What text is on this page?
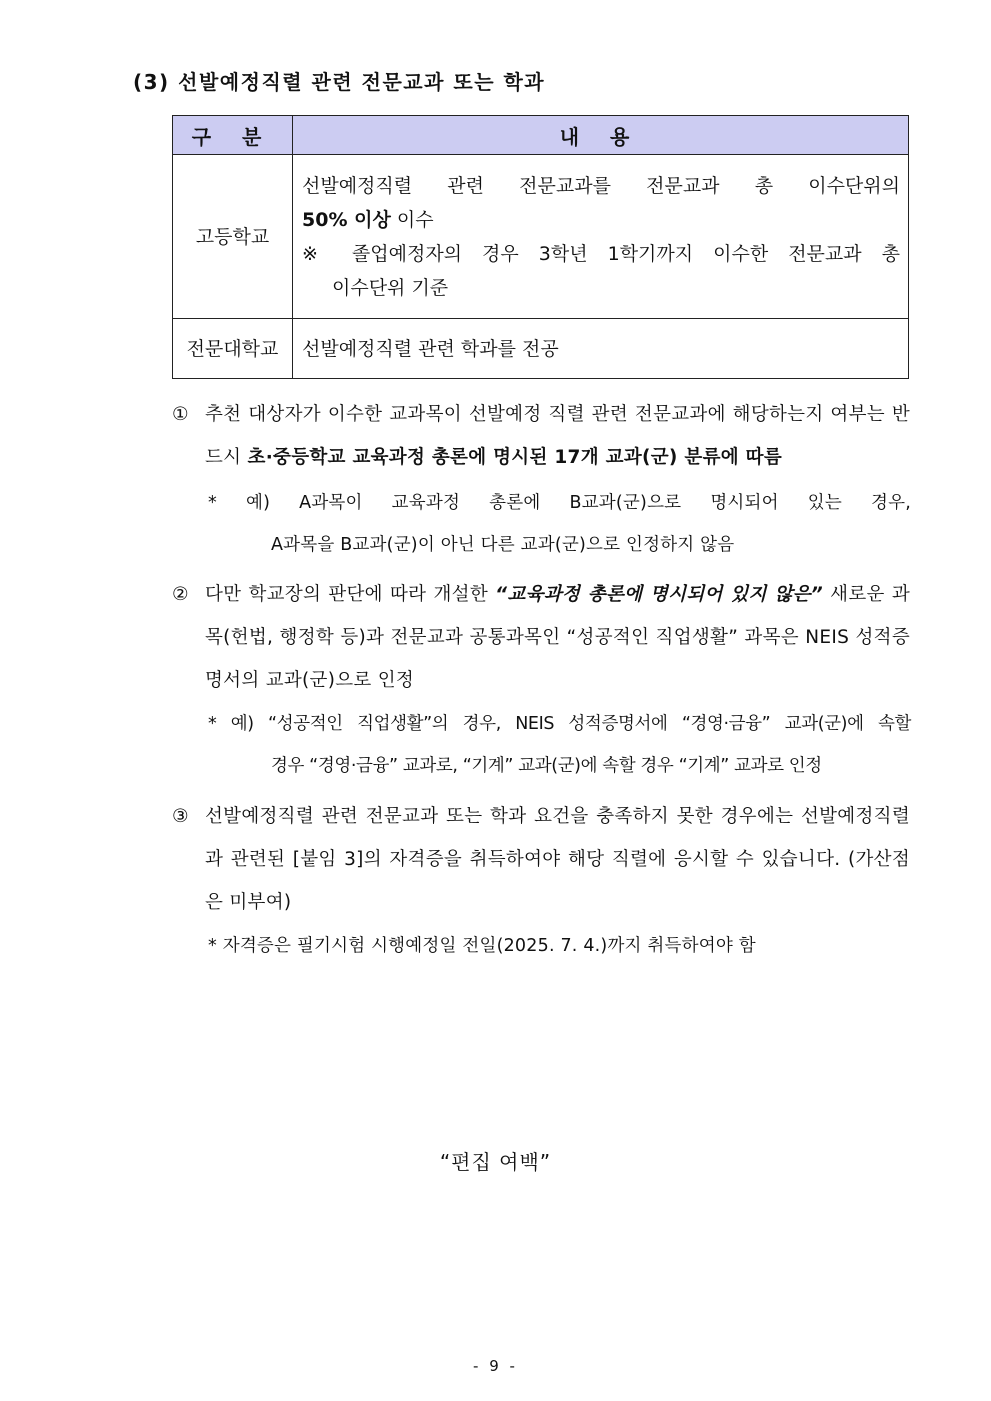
(3) 선발예정직렬 관련 전문교과 또는 학과
구 분	내 용
고등학교	선발예정직렬 관련 전문교과를 전문교과 총 이수단위의
50% 이상 이수
※ 졸업예정자의 경우 3학년 1학기까지 이수한 전문교과 총
이수단위 기준

전문대학교	선발예정직렬 관련 학과를 전공
① 추천 대상자가 이수한 교과목이 선발예정 직렬 관련 전문교과에 해당하는지 여부는 반드시 초·중등학교 교육과정 총론에 명시된 17개 교과(군) 분류에 따름
* 예) A과목이 교육과정 총론에 B교과(군)으로 명시되어 있는 경우,
A과목을 B교과(군)이 아닌 다른 교과(군)으로 인정하지 않음
② 다만 학교장의 판단에 따라 개설한 “교육과정 총론에 명시되어 있지 않은” 새로운 과목(헌법, 행정학 등)과 전문교과 공통과목인 “성공적인 직업생활” 과목은 NEIS 성적증명서의 교과(군)으로 인정
* 예) “성공적인 직업생활”의 경우, NEIS 성적증명서에 “경영·금융” 교과(군)에 속할
경우 “경영·금융” 교과로, “기계” 교과(군)에 속할 경우 “기계” 교과로 인정
③ 선발예정직렬 관련 전문교과 또는 학과 요건을 충족하지 못한 경우에는 선발예정직렬과 관련된 [붙임 3]의 자격증을 취득하여야 해당 직렬에 응시할 수 있습니다. (가산점은 미부여)
* 자격증은 필기시험 시행예정일 전일(2025. 7. 4.)까지 취득하여야 함
“편집 여백”
- 9 -
